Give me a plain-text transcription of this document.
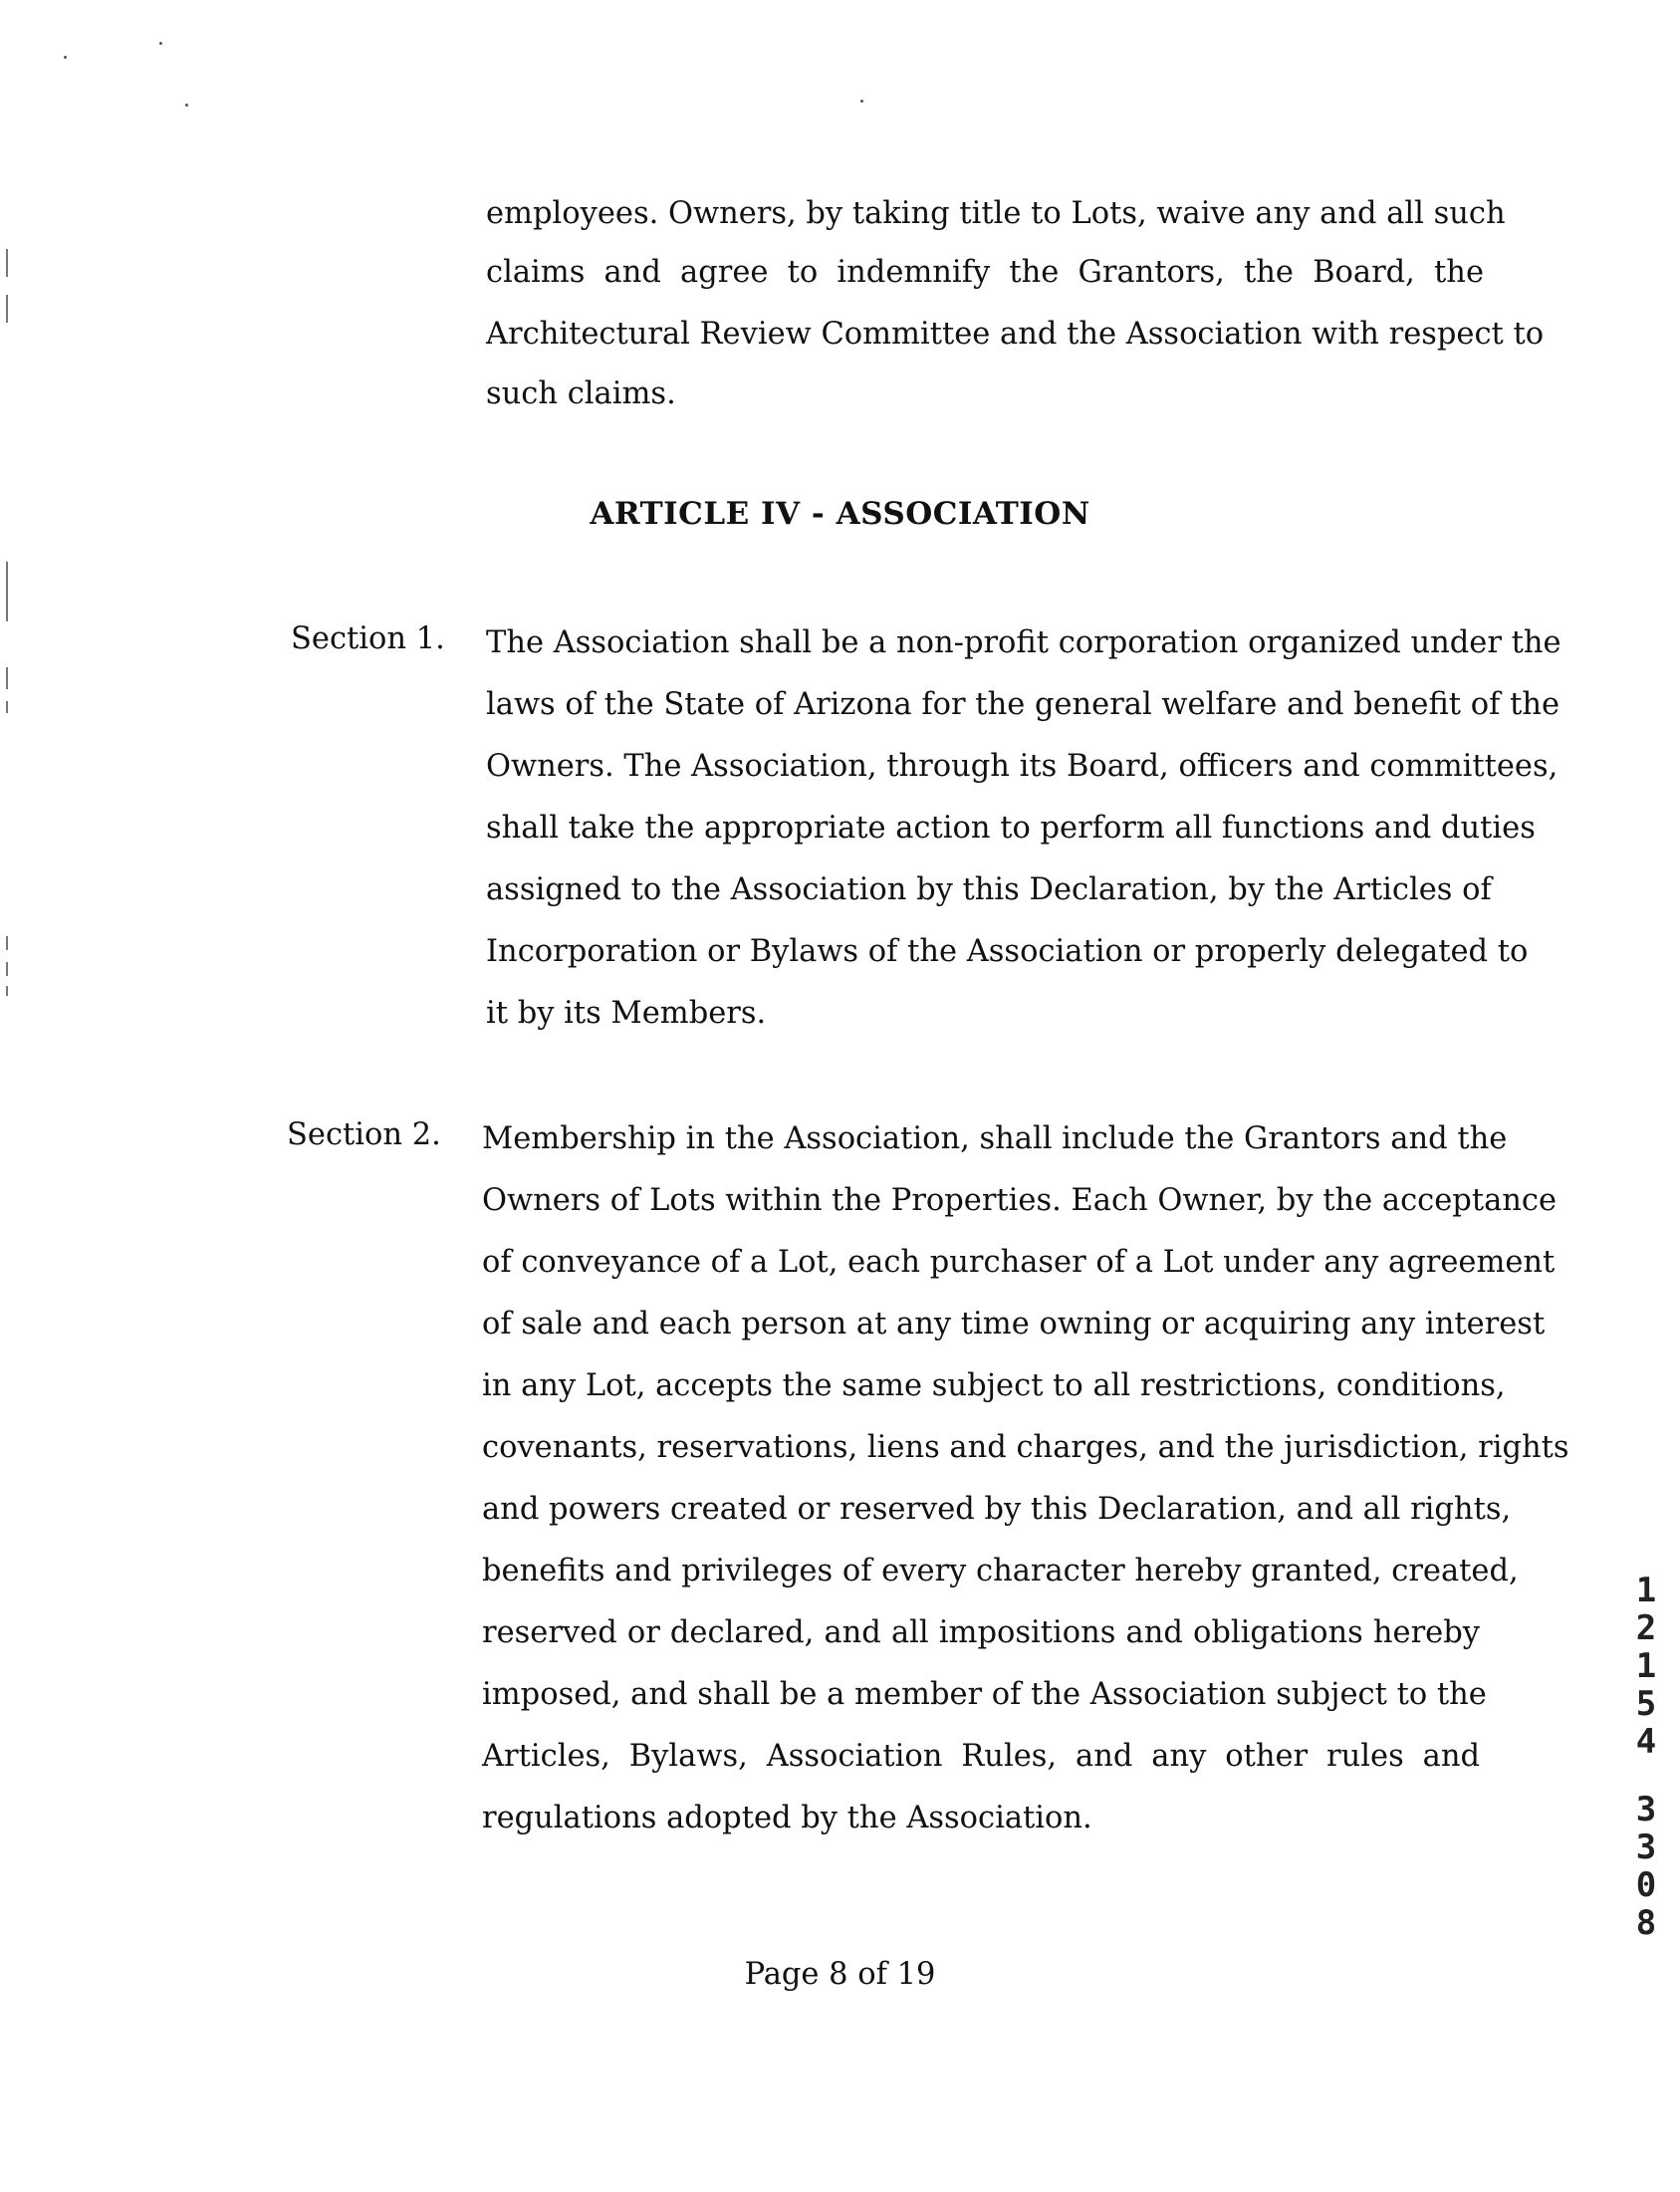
employees. Owners, by taking title to Lots, waive any and all such
claims and agree to indemnify the Grantors, the Board, the
Architectural Review Committee and the Association with respect to
such claims.
ARTICLE IV - ASSOCIATION
Section 1. The Association shall be a non-profit corporation organized under the
laws of the State of Arizona for the general welfare and benefit of the
Owners. The Association, through its Board, officers and committees,
shall take the appropriate action to perform all functions and duties
assigned to the Association by this Declaration, by the Articles of
Incorporation or Bylaws of the Association or properly delegated to
it by its Members.
Section 2. Membership in the Association, shall include the Grantors and the
Owners of Lots within the Properties. Each Owner, by the acceptance
of conveyance of a Lot, each purchaser of a Lot under any agreement
of sale and each person at any time owning or acquiring any interest
in any Lot, accepts the same subject to all restrictions, conditions,
covenants, reservations, liens and charges, and the jurisdiction, rights
and powers created or reserved by this Declaration, and all rights,
benefits and privileges of every character hereby granted, created,
reserved or declared, and all impositions and obligations hereby
imposed, and shall be a member of the Association subject to the
Articles, Bylaws, Association Rules, and any other rules and
regulations adopted by the Association.
Page 8 of 19
1
2
1
5
4
3
3
0
8
